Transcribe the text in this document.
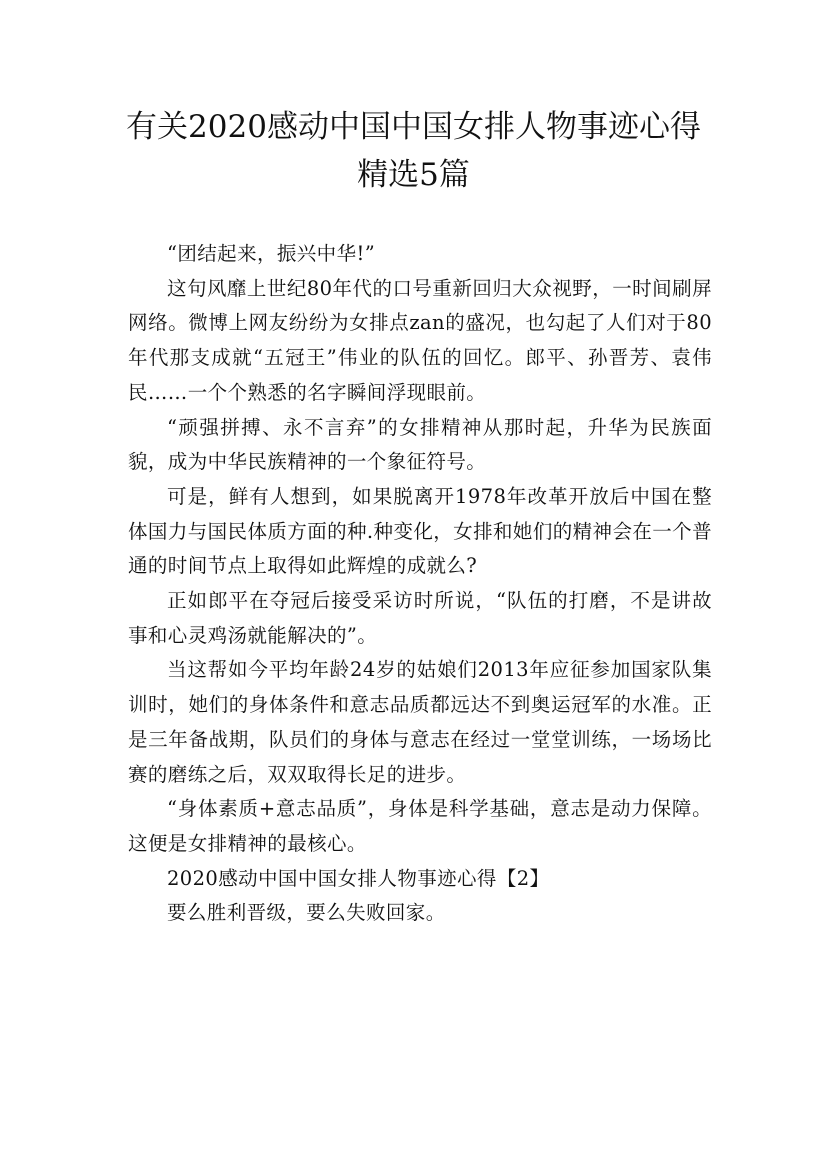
有关2020感动中国中国女排人物事迹心得
精选5篇

“团结起来，振兴中华!”

这句风靡上世纪80年代的口号重新回归大众视野，一时间刷屏网络。微博上网友纷纷为女排点zan的盛况，也勾起了人们对于80年代那支成就“五冠王”伟业的队伍的回忆。郎平、孙晋芳、袁伟民……一个个熟悉的名字瞬间浮现眼前。

“顽强拼搏、永不言弃”的女排精神从那时起，升华为民族面貌，成为中华民族精神的一个象征符号。

可是，鲜有人想到，如果脱离开1978年改革开放后中国在整体国力与国民体质方面的种.种变化，女排和她们的精神会在一个普通的时间节点上取得如此辉煌的成就么?

正如郎平在夺冠后接受采访时所说，“队伍的打磨，不是讲故事和心灵鸡汤就能解决的”。

当这帮如今平均年龄24岁的姑娘们2013年应征参加国家队集训时，她们的身体条件和意志品质都远达不到奥运冠军的水准。正是三年备战期，队员们的身体与意志在经过一堂堂训练，一场场比赛的磨练之后，双双取得长足的进步。

“身体素质+意志品质”，身体是科学基础，意志是动力保障。这便是女排精神的最核心。

2020感动中国中国女排人物事迹心得【2】

要么胜利晋级，要么失败回家。
